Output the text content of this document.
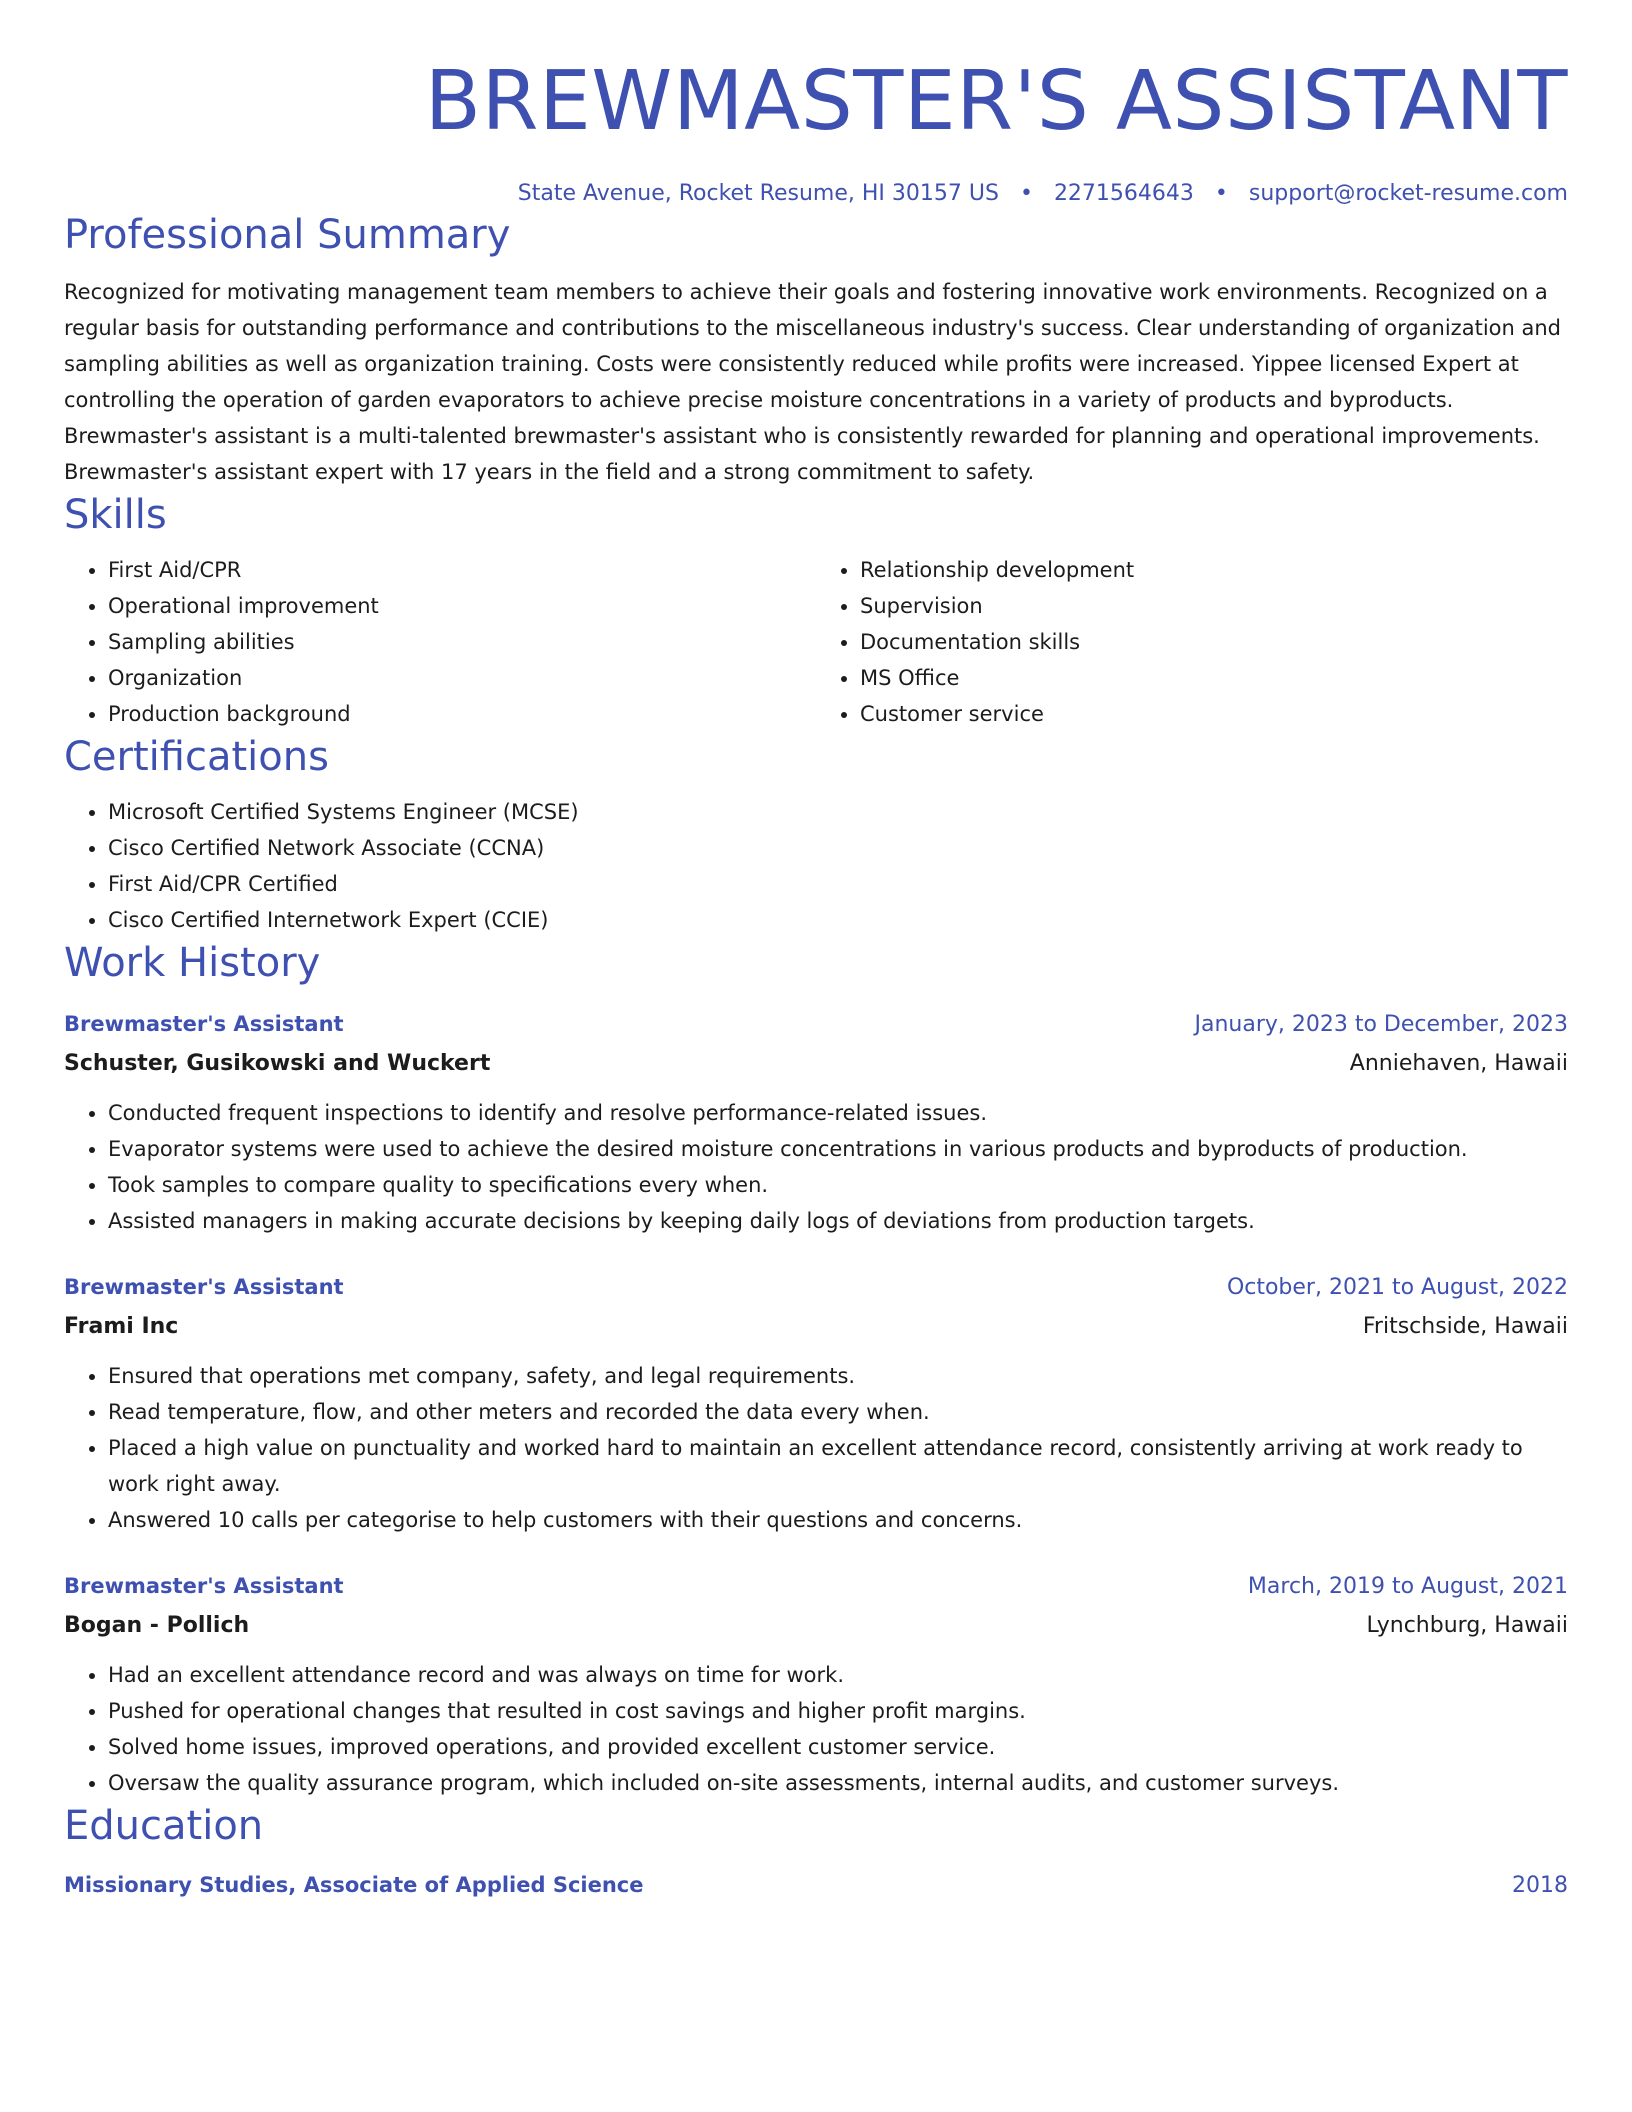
BREWMASTER'S ASSISTANT
State Avenue, Rocket Resume, HI 30157 US • 2271564643 • support@rocket-resume.com
Professional Summary
Recognized for motivating management team members to achieve their goals and fostering innovative work environments. Recognized on a regular basis for outstanding performance and contributions to the miscellaneous industry's success. Clear understanding of organization and sampling abilities as well as organization training. Costs were consistently reduced while profits were increased. Yippee licensed Expert at controlling the operation of garden evaporators to achieve precise moisture concentrations in a variety of products and byproducts. Brewmaster's assistant is a multi-talented brewmaster's assistant who is consistently rewarded for planning and operational improvements. Brewmaster's assistant expert with 17 years in the field and a strong commitment to safety.
Skills
• First Aid/CPR
• Operational improvement
• Sampling abilities
• Organization
• Production background
• Relationship development
• Supervision
• Documentation skills
• MS Office
• Customer service
Certifications
• Microsoft Certified Systems Engineer (MCSE)
• Cisco Certified Network Associate (CCNA)
• First Aid/CPR Certified
• Cisco Certified Internetwork Expert (CCIE)
Work History
Brewmaster's Assistant	January, 2023 to December, 2023
Schuster, Gusikowski and Wuckert	Anniehaven, Hawaii
• Conducted frequent inspections to identify and resolve performance-related issues.
• Evaporator systems were used to achieve the desired moisture concentrations in various products and byproducts of production.
• Took samples to compare quality to specifications every when.
• Assisted managers in making accurate decisions by keeping daily logs of deviations from production targets.
Brewmaster's Assistant	October, 2021 to August, 2022
Frami Inc	Fritschside, Hawaii
• Ensured that operations met company, safety, and legal requirements.
• Read temperature, flow, and other meters and recorded the data every when.
• Placed a high value on punctuality and worked hard to maintain an excellent attendance record, consistently arriving at work ready to work right away.
• Answered 10 calls per categorise to help customers with their questions and concerns.
Brewmaster's Assistant	March, 2019 to August, 2021
Bogan - Pollich	Lynchburg, Hawaii
• Had an excellent attendance record and was always on time for work.
• Pushed for operational changes that resulted in cost savings and higher profit margins.
• Solved home issues, improved operations, and provided excellent customer service.
• Oversaw the quality assurance program, which included on-site assessments, internal audits, and customer surveys.
Education
Missionary Studies, Associate of Applied Science	2018
